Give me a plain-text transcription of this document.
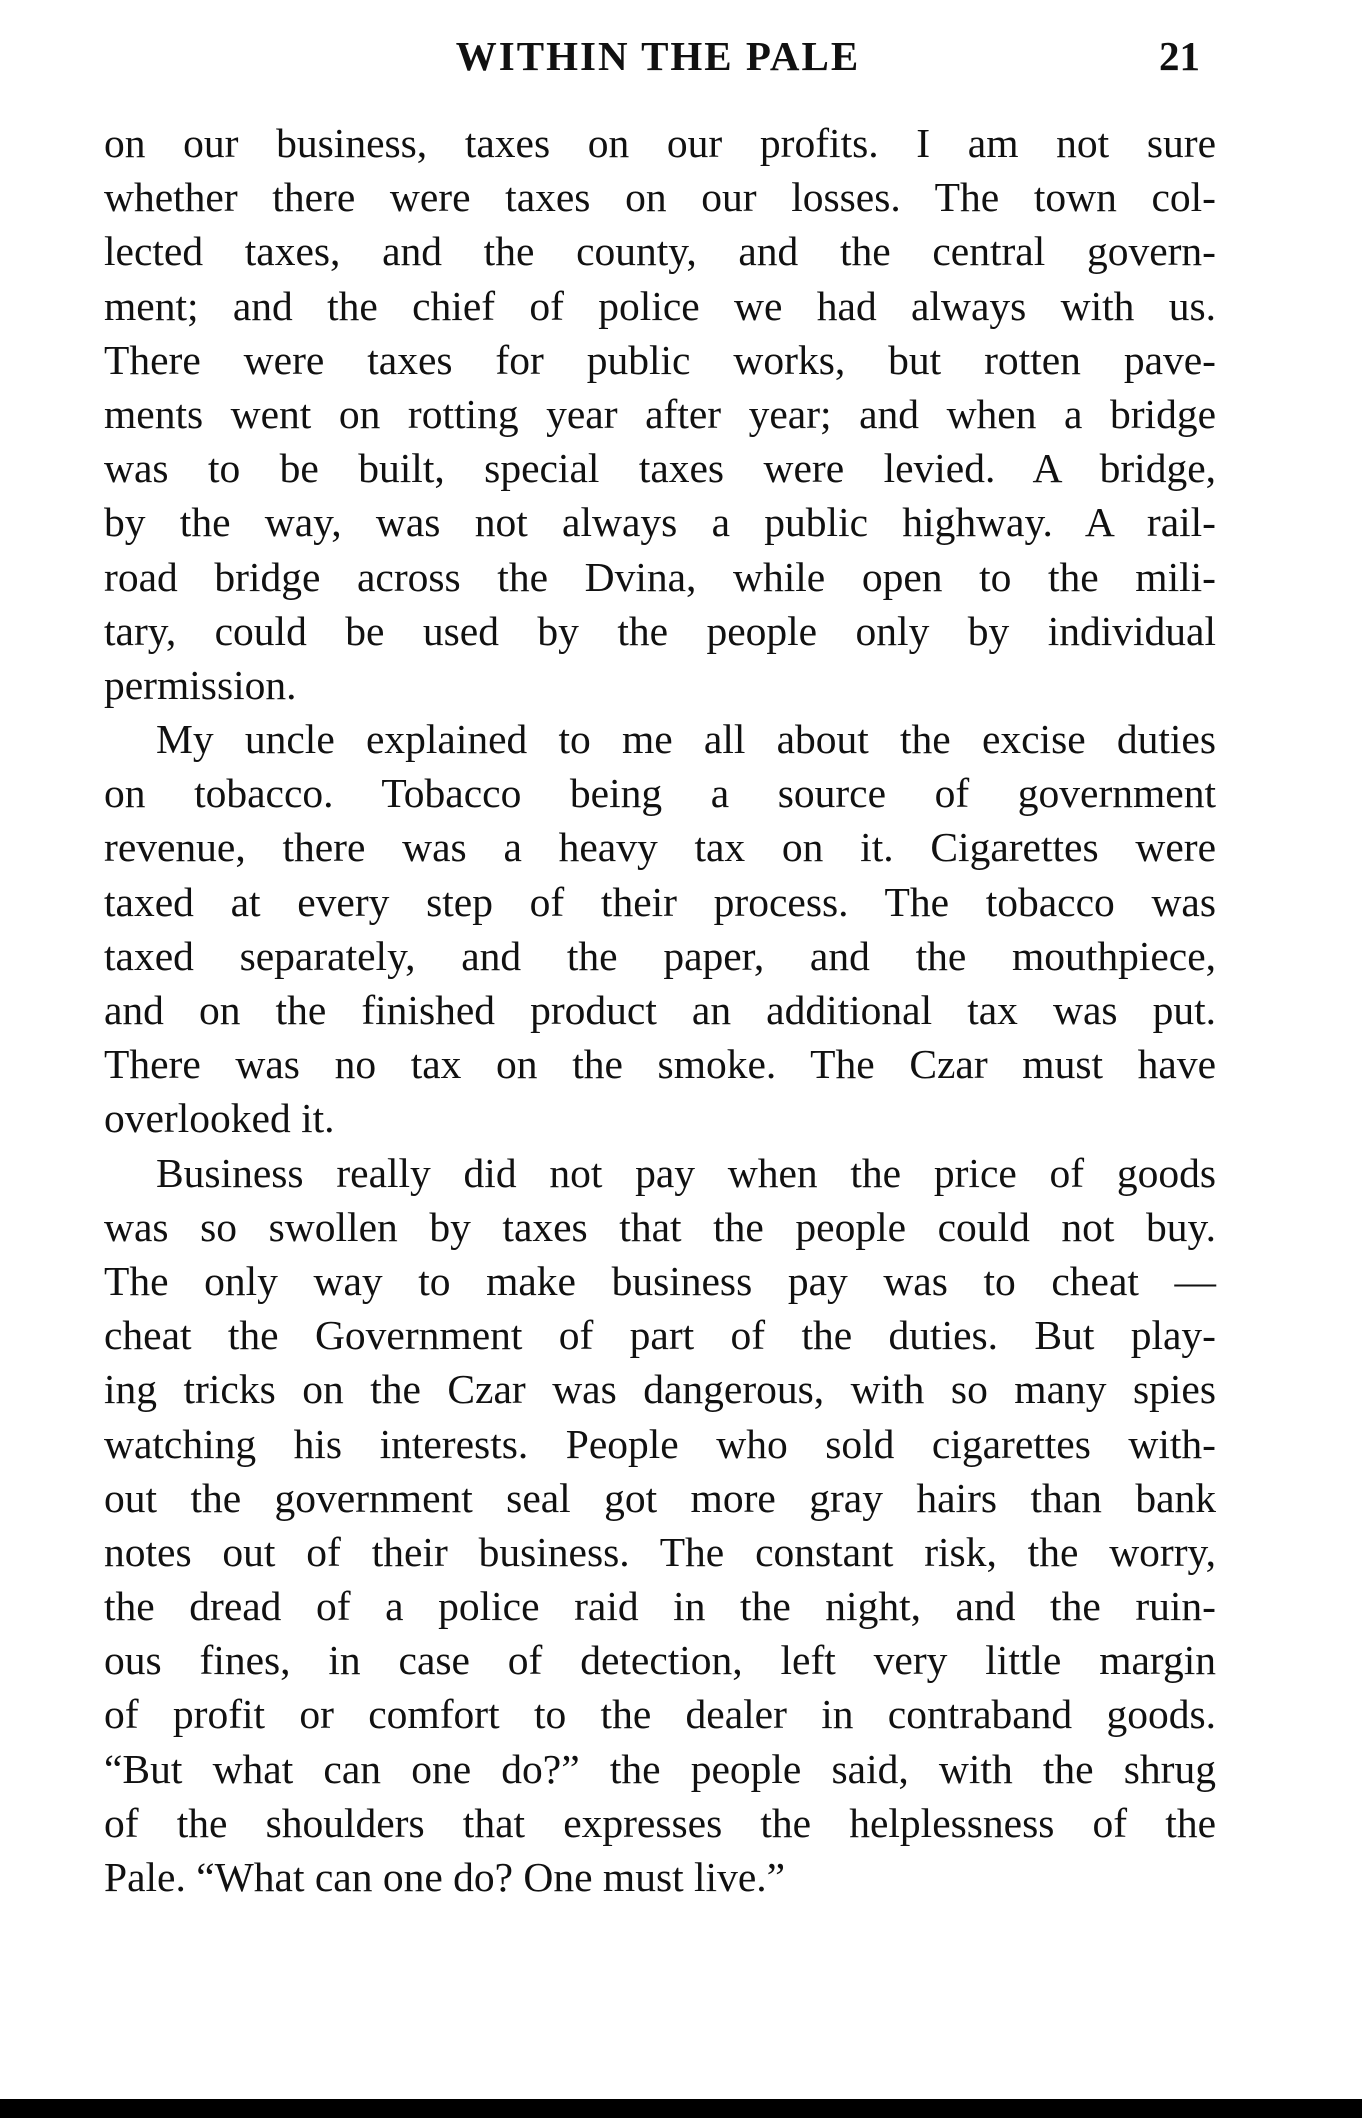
WITHIN THE PALE	21
on our business, taxes on our profits. I am not sure
whether there were taxes on our losses. The town col-
lected taxes, and the county, and the central govern-
ment; and the chief of police we had always with us.
There were taxes for public works, but rotten pave-
ments went on rotting year after year; and when a bridge
was to be built, special taxes were levied. A bridge,
by the way, was not always a public highway. A rail-
road bridge across the Dvina, while open to the mili-
tary, could be used by the people only by individual
permission.
My uncle explained to me all about the excise duties
on tobacco. Tobacco being a source of government
revenue, there was a heavy tax on it. Cigarettes were
taxed at every step of their process. The tobacco was
taxed separately, and the paper, and the mouthpiece,
and on the finished product an additional tax was put.
There was no tax on the smoke. The Czar must have
overlooked it.
Business really did not pay when the price of goods
was so swollen by taxes that the people could not buy.
The only way to make business pay was to cheat —
cheat the Government of part of the duties. But play-
ing tricks on the Czar was dangerous, with so many spies
watching his interests. People who sold cigarettes with-
out the government seal got more gray hairs than bank
notes out of their business. The constant risk, the worry,
the dread of a police raid in the night, and the ruin-
ous fines, in case of detection, left very little margin
of profit or comfort to the dealer in contraband goods.
“But what can one do?” the people said, with the shrug
of the shoulders that expresses the helplessness of the
Pale. “What can one do? One must live.”
